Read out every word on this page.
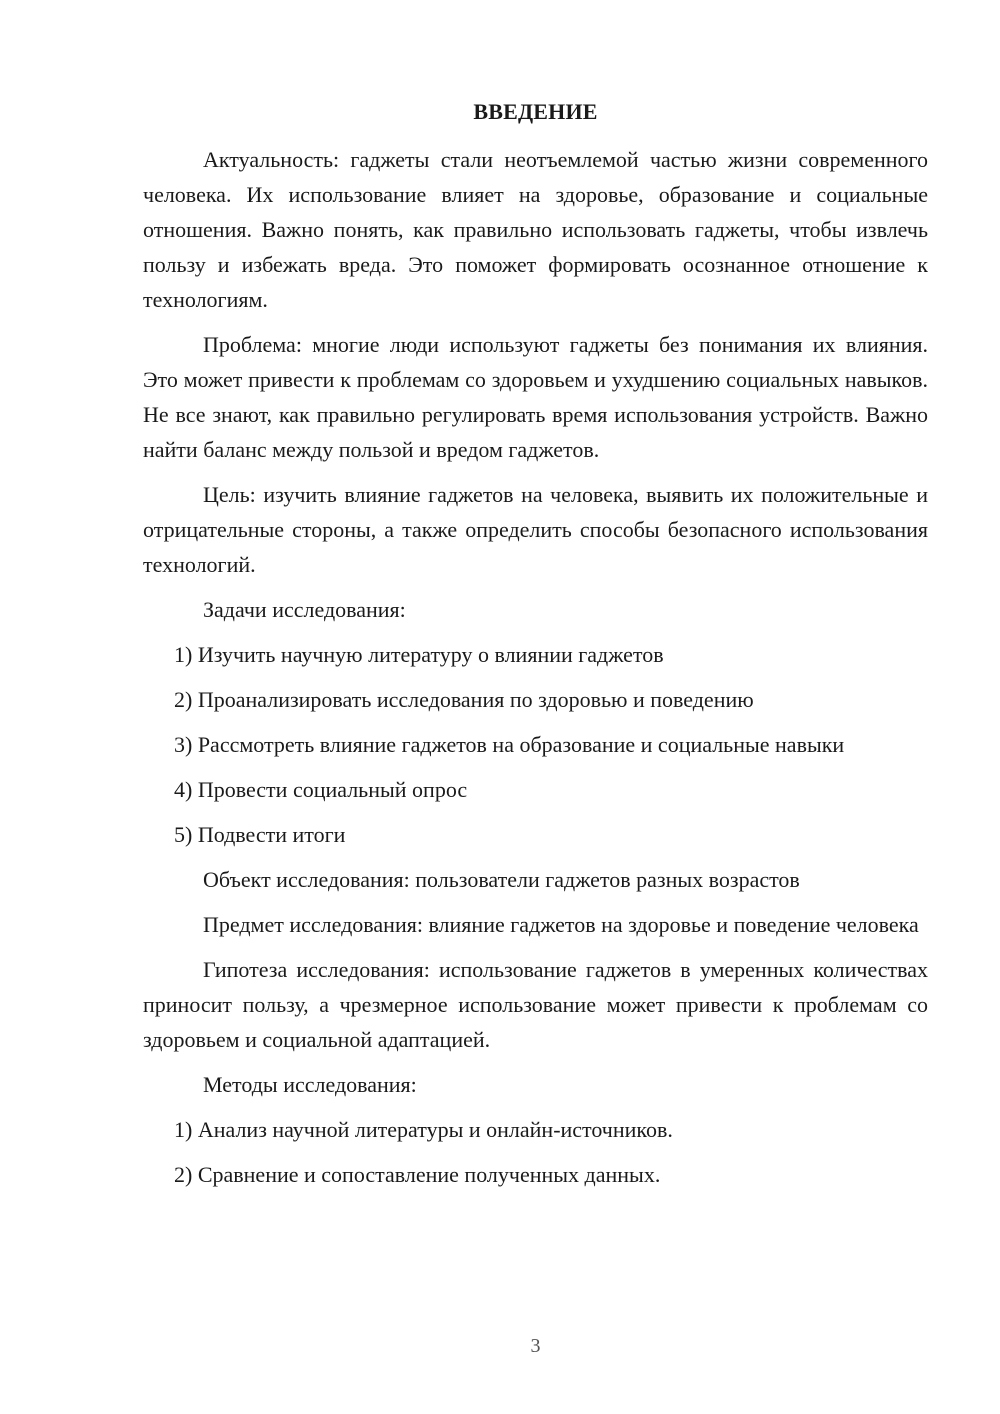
ВВЕДЕНИЕ

Актуальность: гаджеты стали неотъемлемой частью жизни современного человека. Их использование влияет на здоровье, образование и социальные отношения. Важно понять, как правильно использовать гаджеты, чтобы извлечь пользу и избежать вреда. Это поможет формировать осознанное отношение к технологиям.

Проблема: многие люди используют гаджеты без понимания их влияния. Это может привести к проблемам со здоровьем и ухудшению социальных навыков. Не все знают, как правильно регулировать время использования устройств. Важно найти баланс между пользой и вредом гаджетов.

Цель: изучить влияние гаджетов на человека, выявить их положительные и отрицательные стороны, а также определить способы безопасного использования технологий.

Задачи исследования:

1) Изучить научную литературу о влиянии гаджетов

2) Проанализировать исследования по здоровью и поведению

3) Рассмотреть влияние гаджетов на образование и социальные навыки

4) Провести социальный опрос

5) Подвести итоги

Объект исследования: пользователи гаджетов разных возрастов

Предмет исследования: влияние гаджетов на здоровье и поведение человека

Гипотеза исследования: использование гаджетов в умеренных количествах приносит пользу, а чрезмерное использование может привести к проблемам со здоровьем и социальной адаптацией.

Методы исследования:

1) Анализ научной литературы и онлайн-источников.

2) Сравнение и сопоставление полученных данных.

3
